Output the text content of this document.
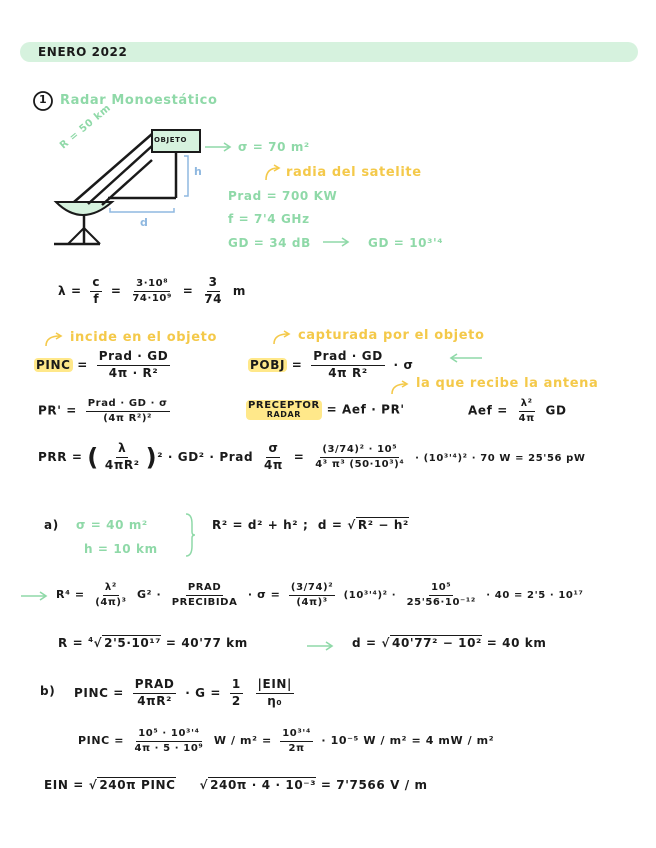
ENERO 2022
1 Radar Monoestático
R = 50 km	OBJETO
h
d
σ = 70 m²
radia del satelite
Prad = 700 KW
f = 7'4 GHz
GD = 34 dB	GD = 10³'⁴
$\lambda = \frac{c}{f} = \frac{\text{3·10⁸}}{\text{74·10⁹}} = \frac{3}{74}$ m
incide en el objeto	capturada por el objeto
PINC = $\frac{\text{Prad · GD}}{\text{4π · R²}}$	POBJ = $\frac{\text{Prad · GD}}{\text{4π R²}} \cdot \sigma$
la que recibe la antena
$PR' = \frac{\text{Prad · GD · σ}}{\text{(4π R²)²}}$	PRECEPTOR
RADAR = Aef · PR'	Aef = $\frac{\text{λ²}}{4\pi}$ GD
PRR = ( $\frac{\lambda}{\text{4πR²}} )^2 \cdot GD^2$ · Prad $\frac{\sigma}{4\pi} = \frac{\text{(3/74)² · 10⁵}}{\text{4³ π³ (50·10³)⁴}} \cdot (10^3'^4)^2 \cdot 70$ W = 25'56 pW
a) σ = 40 m²
h = 10 km
R² = d² + h² ; d = √ R² − h²
$R^4 = \frac{\text{λ²}}{\text{(4π)³}} G^2 \cdot \frac{\text{PRAD}}{\text{PRECIBIDA}} \cdot \sigma = \frac{\text{(3/74)²}}{\text{(4π)³}} (10^3'^4)^2 \cdot \frac{\text{10⁵}}{\text{25'56·10⁻¹²}} \cdot 40 = 2'5 \cdot 10^{17}$
R = $^4$√ 2'5·10¹⁷ = 40'77 km	d = √ 40'77² − 10² = 40 km
b) PINC = $\frac{\text{PRAD}}{\text{4πR²}} \cdot G = \frac{1}{2}$
$\frac{\text{|EIN|}}{\text{η₀}}$
PINC = $\frac{\text{10⁵ · 10³'⁴}}{\text{4π · 5 · 10⁹}}$ $W / m^2 = \frac{\text{10³'⁴}}{2\pi} \cdot 10^{-5}$ W / m² = 4 mW / m²
EIN = √ 240π PINC     √ 240π · 4 · 10⁻³ = 7'7566 V / m
